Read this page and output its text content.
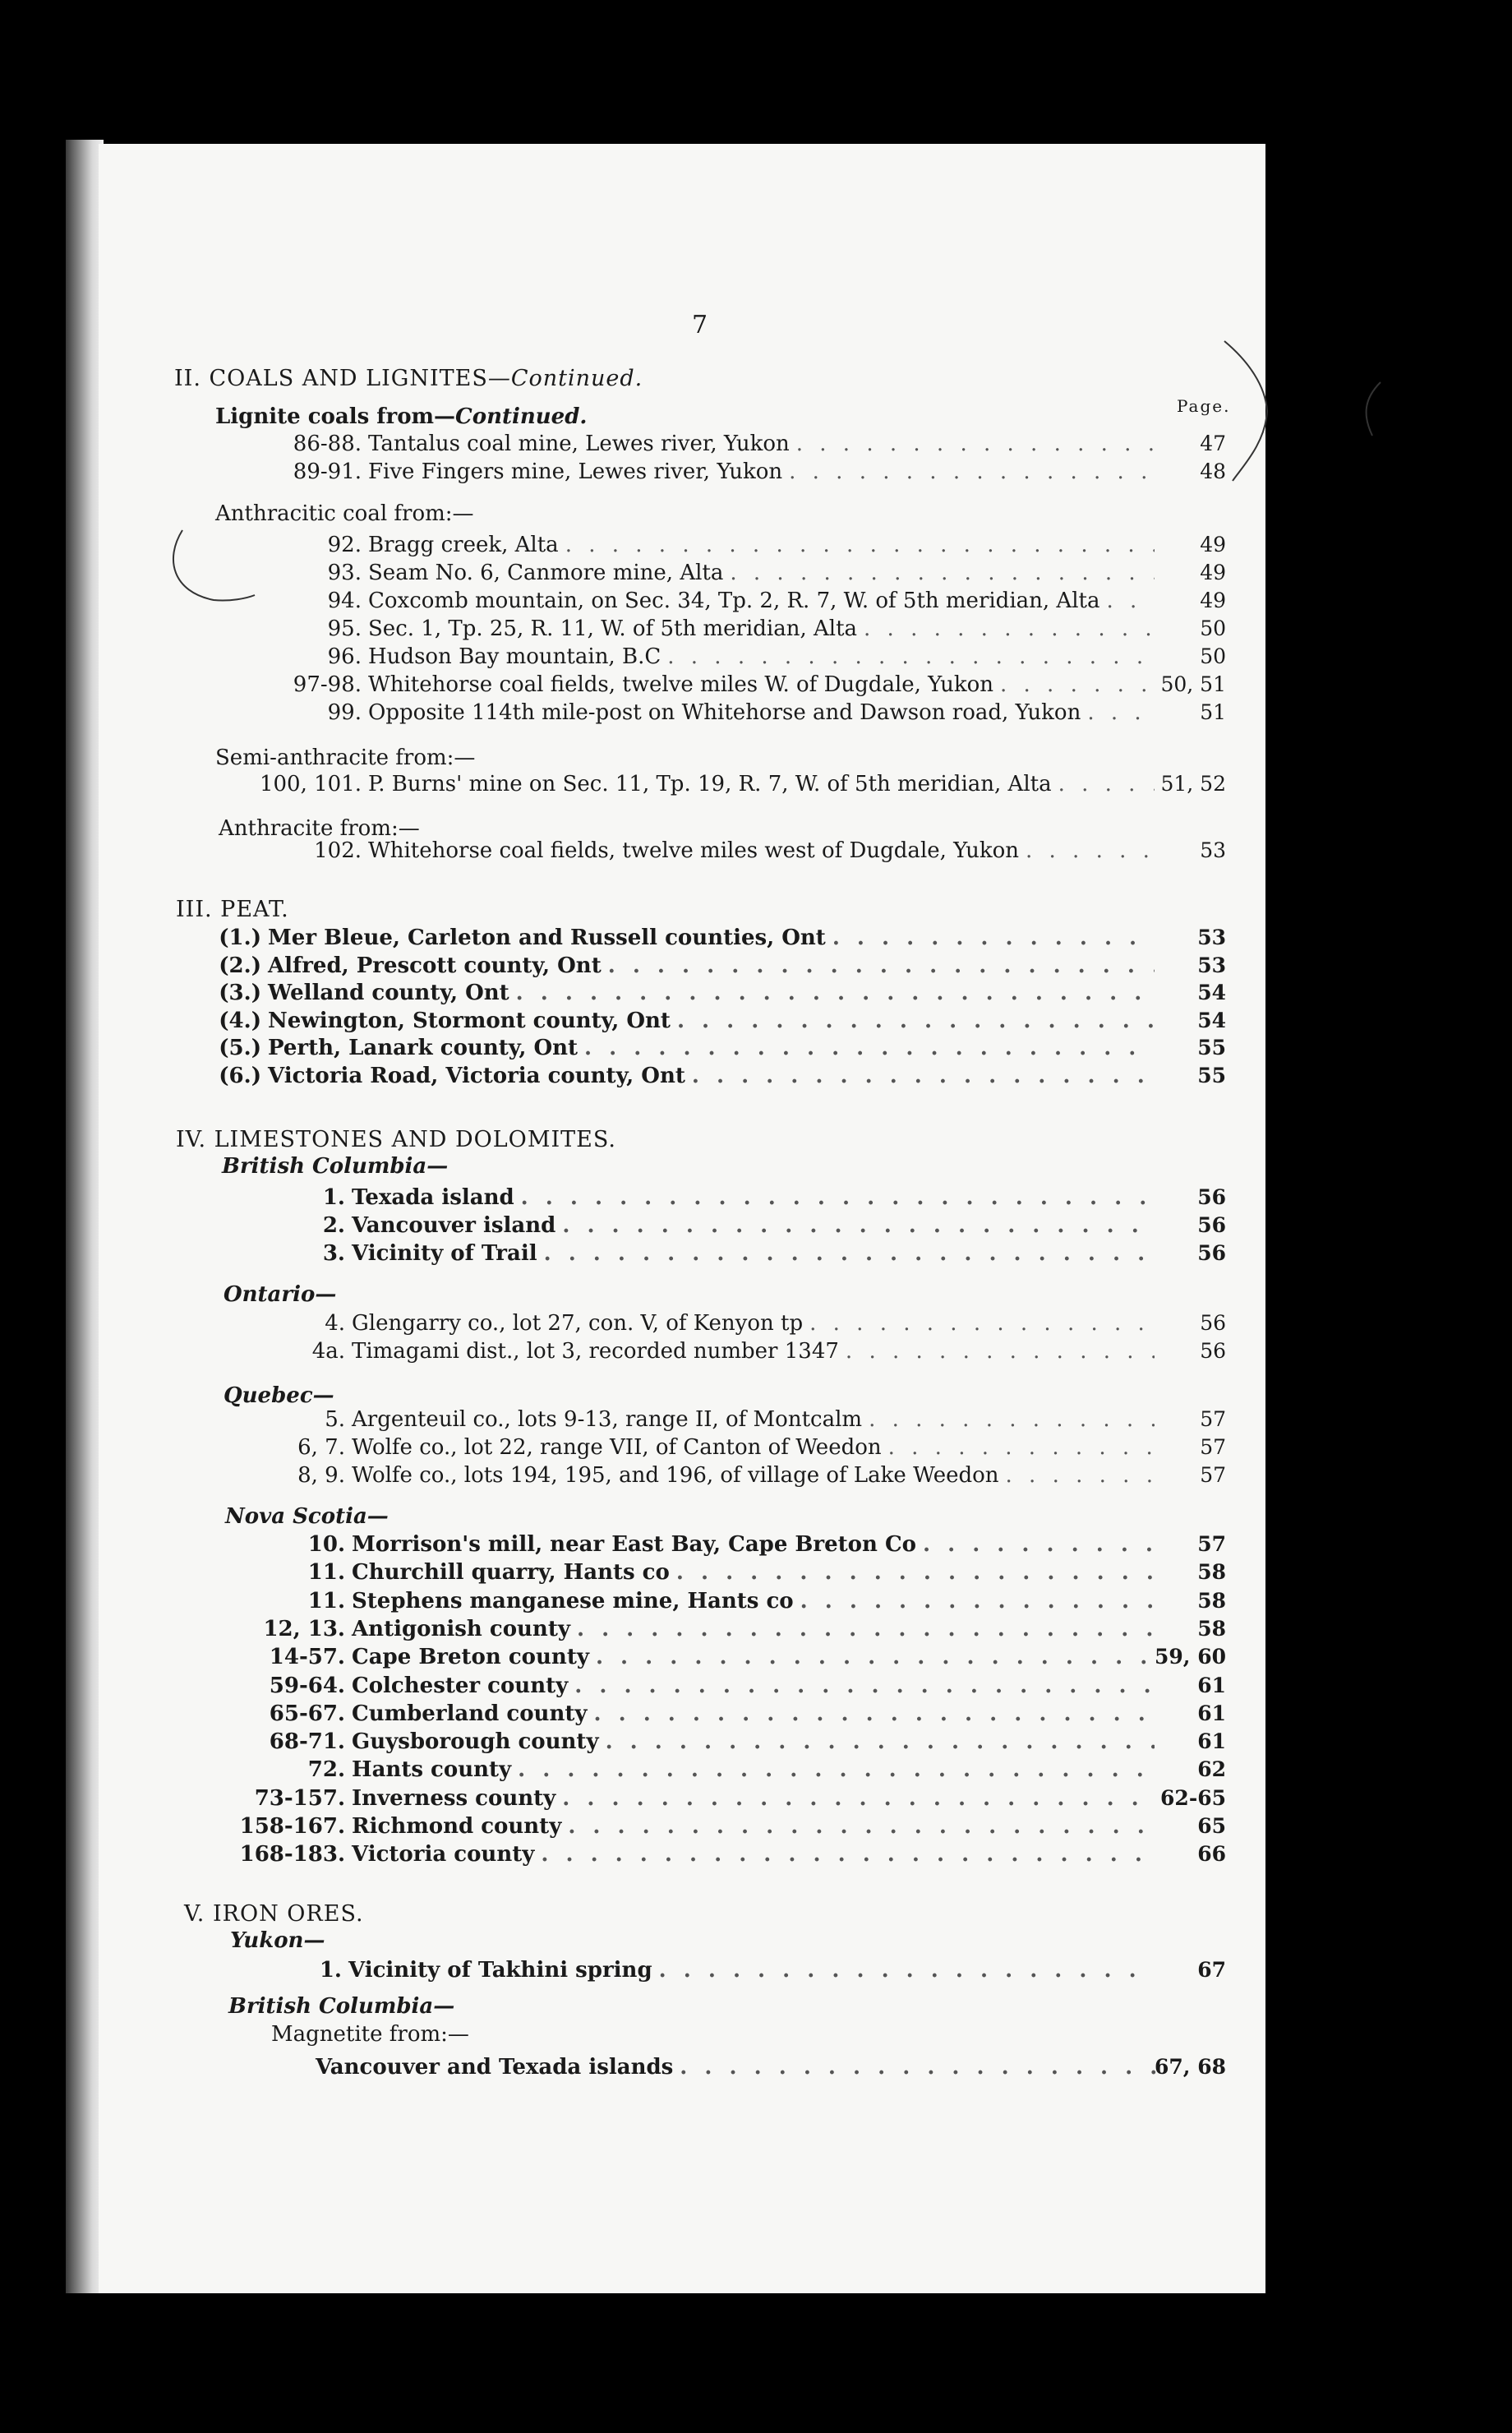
7
Page.
II. COALS AND LIGNITES—Continued.
Lignite coals from—Continued.
Anthracitic coal from:—
Semi-anthracite from:—
Anthracite from:—
III. PEAT.
IV. LIMESTONES AND DOLOMITES.
British Columbia—
Ontario—
Quebec—
Nova Scotia—
V. IRON ORES.
Yukon—
British Columbia—
Magnetite from:—
86-88. Tantalus coal mine, Lewes river, Yukon . . .	47
89-91. Five Fingers mine, Lewes river, Yukon . . .	48
92. Bragg creek, Alta . . .	49
93. Seam No. 6, Canmore mine, Alta . . .	49
94. Coxcomb mountain, on Sec. 34, Tp. 2, R. 7, W. of 5th meridian, Alta . . .	49
95. Sec. 1, Tp. 25, R. 11, W. of 5th meridian, Alta . . .	50
96. Hudson Bay mountain, B.C . . .	50
97-98. Whitehorse coal fields, twelve miles W. of Dugdale, Yukon . . .	50, 51
99. Opposite 114th mile-post on Whitehorse and Dawson road, Yukon . . .	51
100, 101. P. Burns' mine on Sec. 11, Tp. 19, R. 7, W. of 5th meridian, Alta . . .	51, 52
102. Whitehorse coal fields, twelve miles west of Dugdale, Yukon . . .	53
(1.) Mer Bleue, Carleton and Russell counties, Ont . . .	53
(2.) Alfred, Prescott county, Ont . . .	53
(3.) Welland county, Ont . . .	54
(4.) Newington, Stormont county, Ont . . .	54
(5.) Perth, Lanark county, Ont . . .	55
(6.) Victoria Road, Victoria county, Ont . . .	55
1. Texada island . . .	56
2. Vancouver island . . .	56
3. Vicinity of Trail . . .	56
4. Glengarry co., lot 27, con. V, of Kenyon tp . . .	56
4a. Timagami dist., lot 3, recorded number 1347 . . .	56
5. Argenteuil co., lots 9-13, range II, of Montcalm . . .	57
6, 7. Wolfe co., lot 22, range VII, of Canton of Weedon . . .	57
8, 9. Wolfe co., lots 194, 195, and 196, of village of Lake Weedon . . .	57
10. Morrison's mill, near East Bay, Cape Breton Co . . .	57
11. Churchill quarry, Hants co . . .	58
11. Stephens manganese mine, Hants co . . .	58
12, 13. Antigonish county . . .	58
14-57. Cape Breton county . . .	59, 60
59-64. Colchester county . . .	61
65-67. Cumberland county . . .	61
68-71. Guysborough county . . .	61
72. Hants county . . .	62
73-157. Inverness county . . .	62-65
158-167. Richmond county . . .	65
168-183. Victoria county . . .	66
1. Vicinity of Takhini spring . . .	67
Vancouver and Texada islands . . .	67, 68
